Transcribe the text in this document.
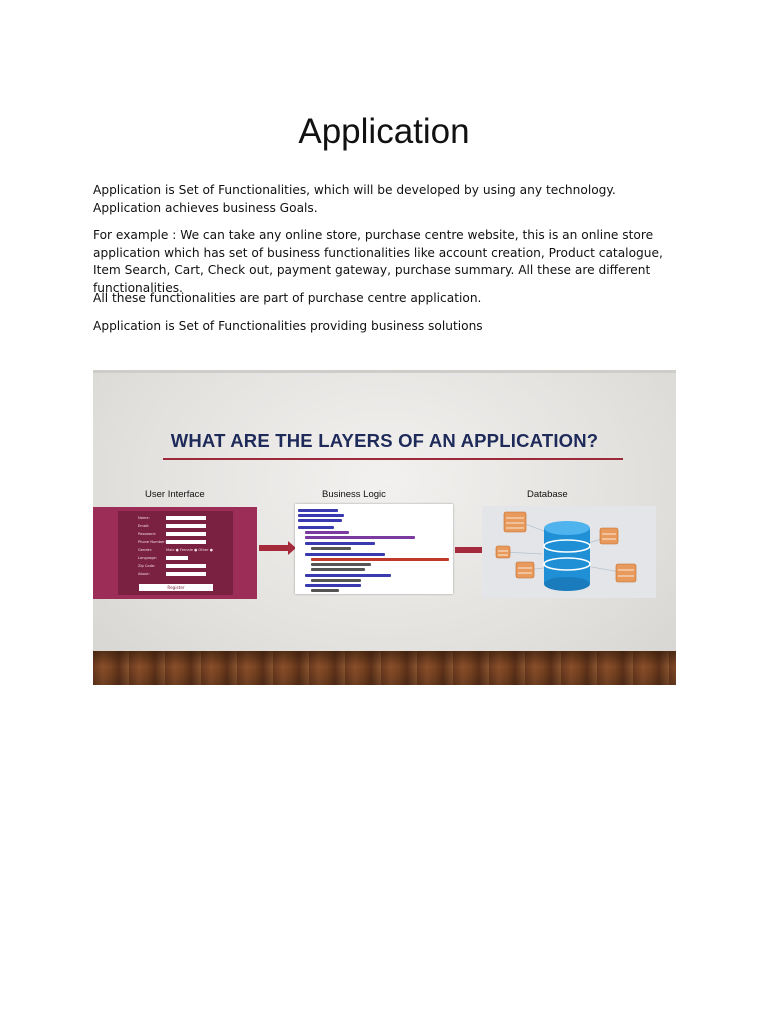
Application

Application is Set of Functionalities, which will be developed by using any technology. Application achieves business Goals.

For example : We can take any online store, purchase centre website, this is an online store application which has set of business functionalities like account creation, Product catalogue, Item Search, Cart, Check out, payment gateway, purchase summary. All these are different functionalities.

All these functionalities are part of purchase centre application.

Application is Set of Functionalities providing business solutions

WHAT ARE THE LAYERS OF AN APPLICATION?
User Interface	Business Logic	Database
Name:
Email:
Password:
Phone Number:
Gender:	Male ● Female ● Other ●
Language:
Zip Code:
About:
Register
